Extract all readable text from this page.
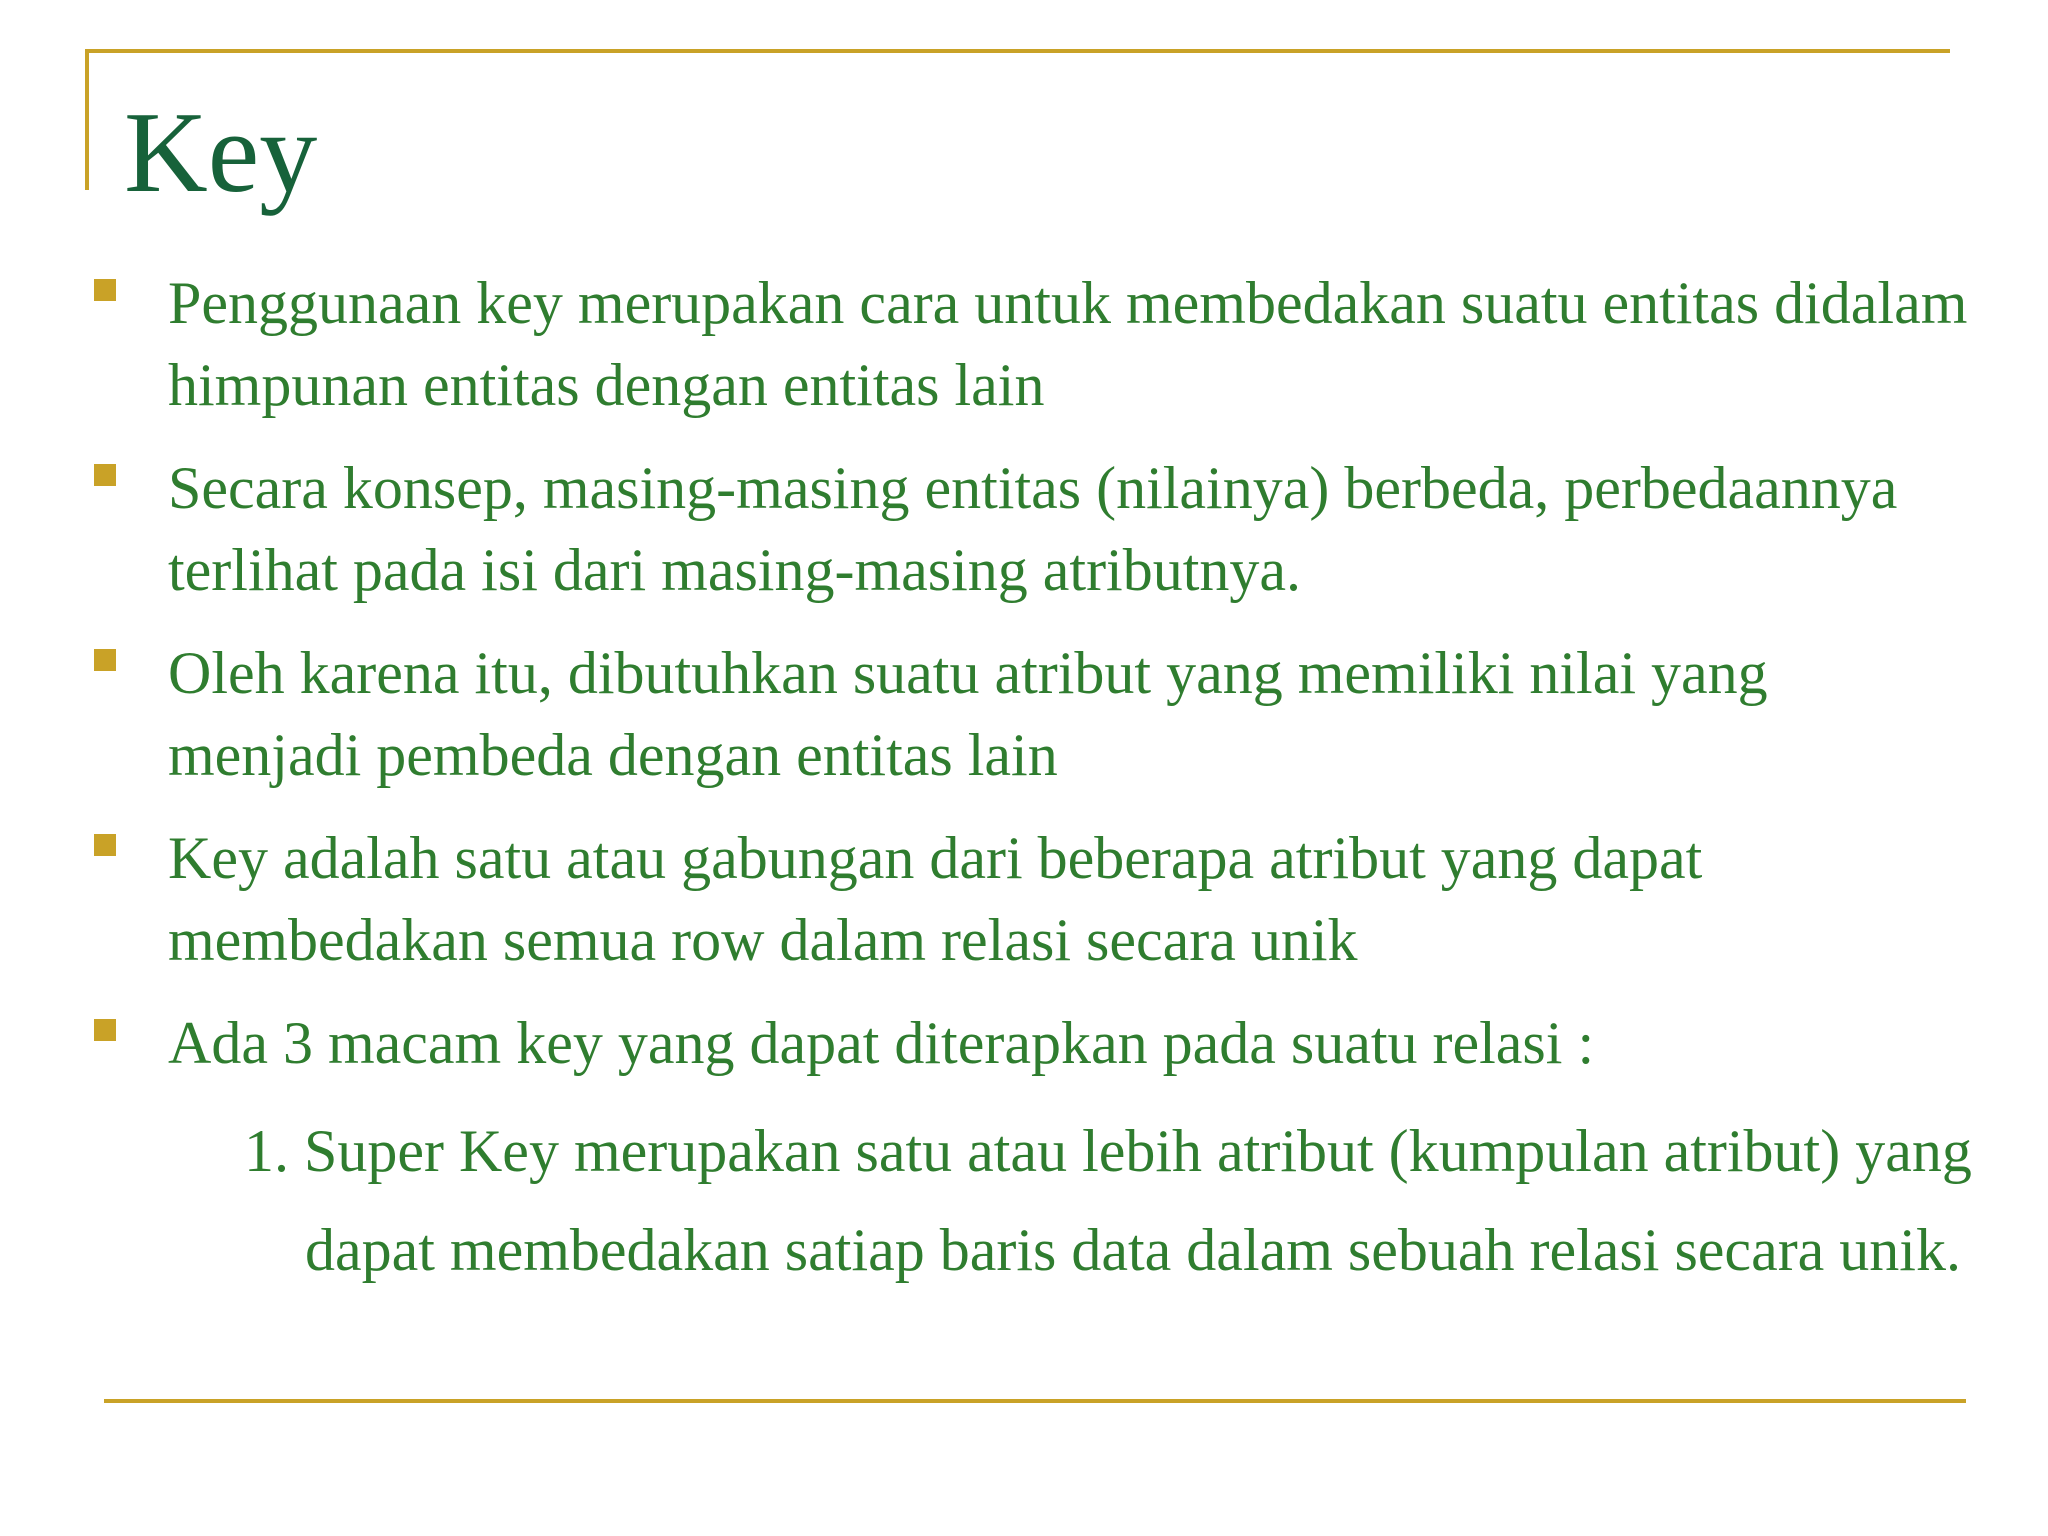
Key
Penggunaan key merupakan cara untuk membedakan suatu entitas didalam himpunan entitas dengan entitas lain
Secara konsep, masing-masing entitas (nilainya) berbeda, perbedaannya terlihat pada isi dari masing-masing atributnya.
Oleh karena itu, dibutuhkan suatu atribut yang memiliki nilai yang menjadi pembeda dengan entitas lain
Key adalah satu atau gabungan dari beberapa atribut yang dapat membedakan semua row dalam relasi secara unik
Ada 3 macam key yang dapat diterapkan pada suatu relasi :
1. Super Key merupakan satu atau lebih atribut (kumpulan atribut) yang dapat membedakan satiap baris data dalam sebuah relasi secara unik.
